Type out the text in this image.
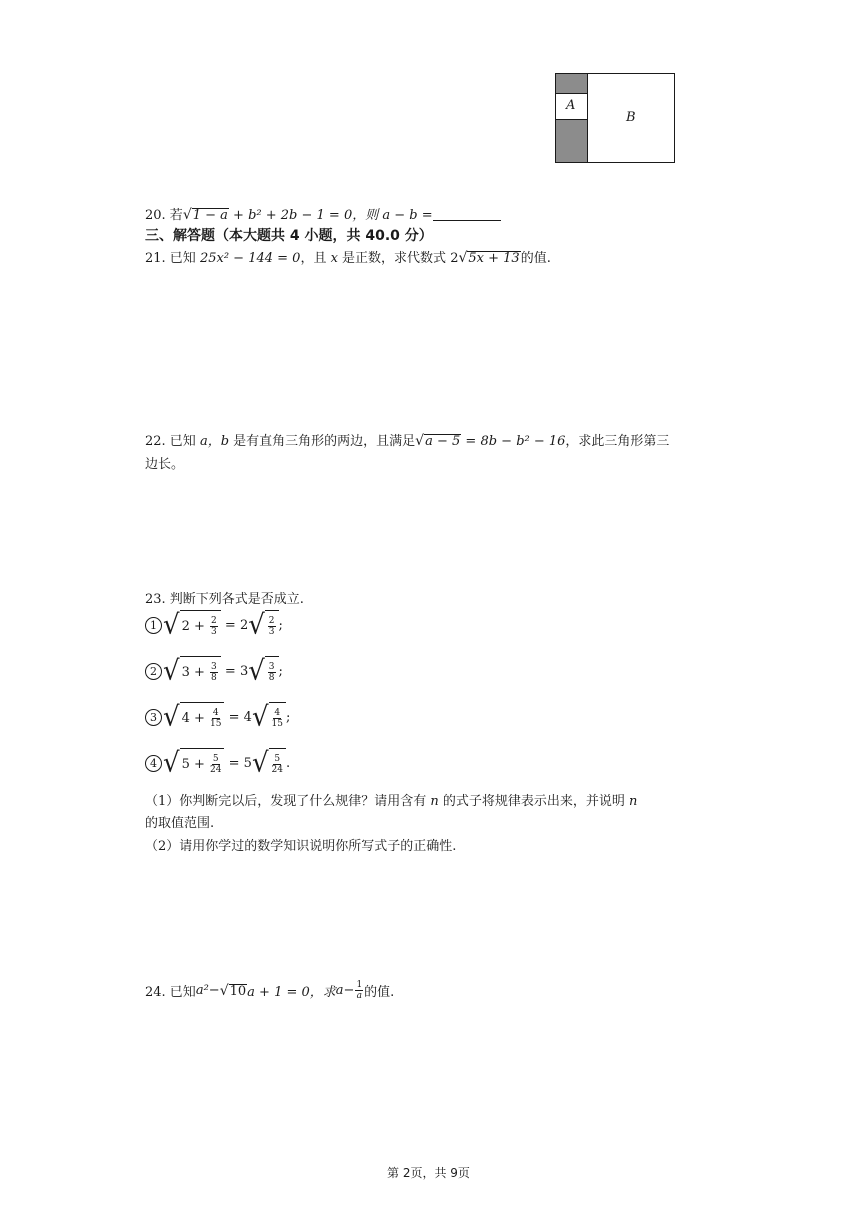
A
B
20. 若√1 − a + b² + 2b − 1 = 0，则 a − b =
三、解答题（本大题共 4 小题，共 40.0 分）
21. 已知 25x² − 144 = 0，且 x 是正数，求代数式 2√5x + 13的值.
22. 已知 a，b 是有直角三角形的两边，且满足√a − 5 = 8b − b² − 16，求此三角形第三
边长。
23. 判断下列各式是否成立.
1 √ $2 + \frac{2}{3} = 2$ √ $\frac{2}{3}$ ;
2 √ $3 + \frac{3}{8} = 3$ √ $\frac{3}{8}$ ;
3 √ $4 + \frac{4}{15} = 4$ √ $\frac{4}{15}$ ;
4 √ $5 + \frac{5}{24} = 5$ √ $\frac{5}{24}$ .
（1）你判断完以后，发现了什么规律？请用含有 n 的式子将规律表示出来，并说明 n
的取值范围.
（2）请用你学过的数学知识说明你所写式子的正确性.
24. 已知 a² − √10 a + 1 = 0，求 $a - \frac{1}{a}$ 的值.
第 2页，共 9页
